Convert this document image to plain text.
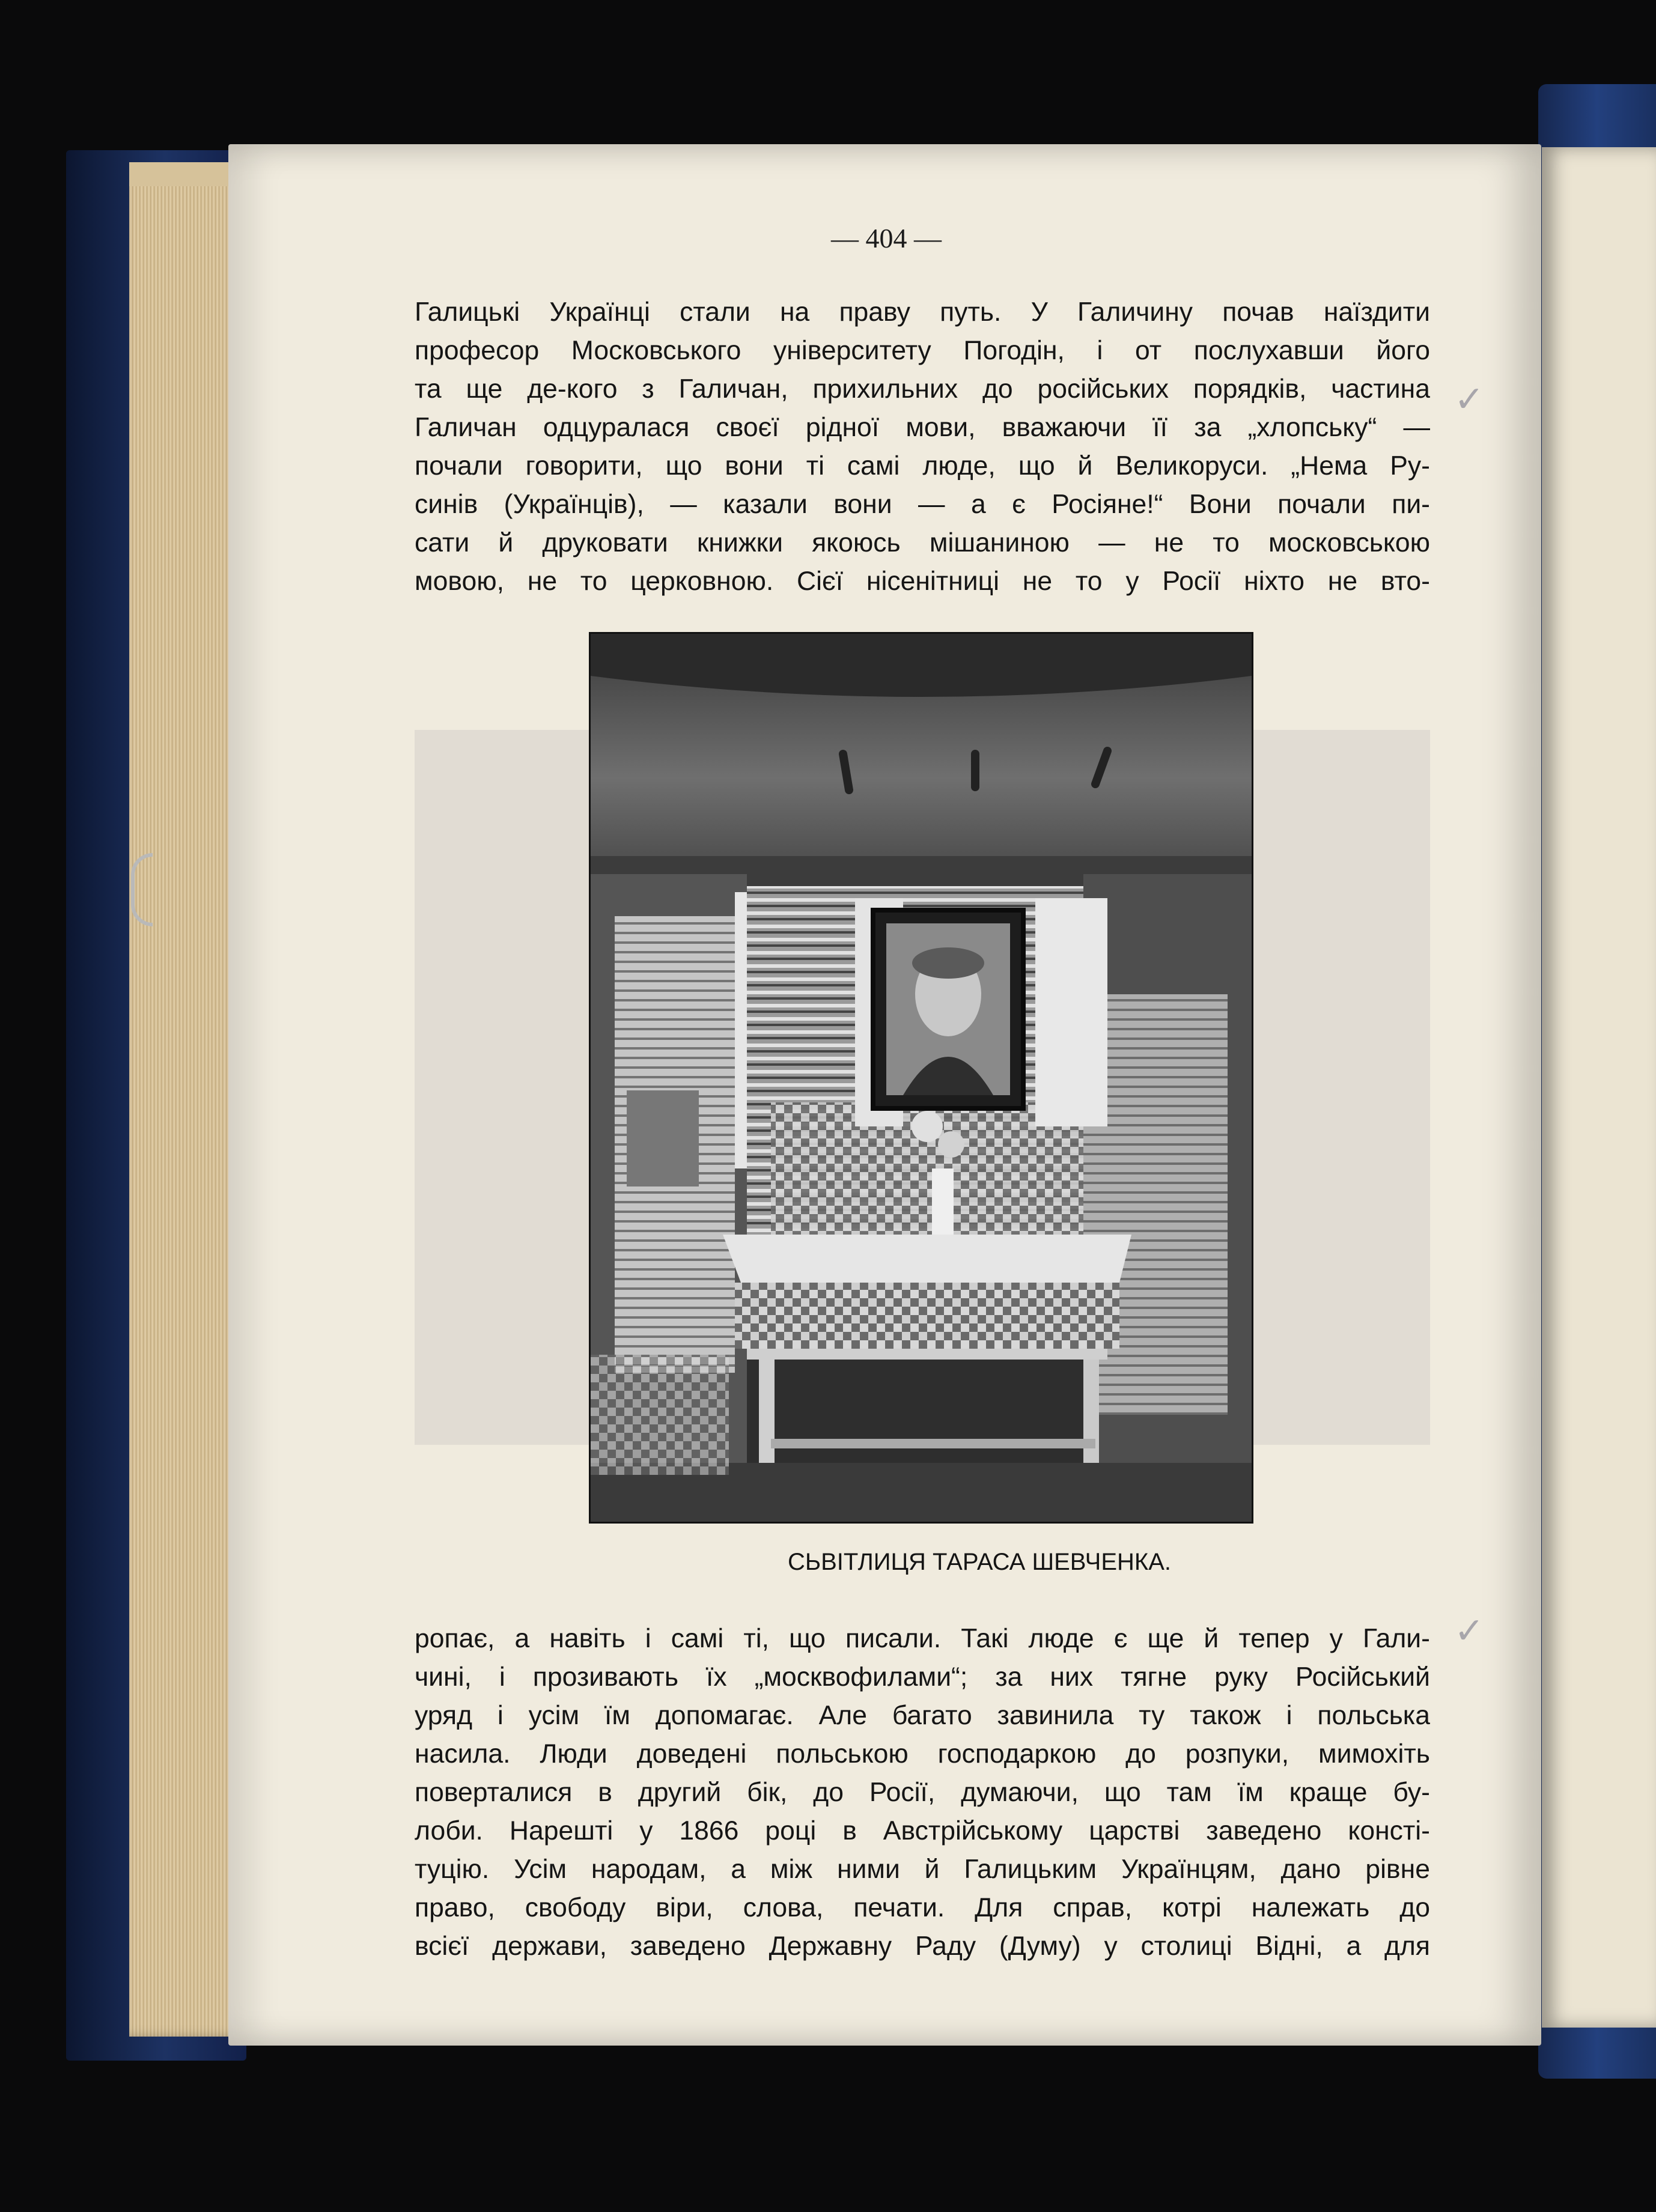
— 404 —
Галицькі Українці стали на праву путь. У Галичину почав наїздити
професор Московського університету Погодін, і от послухавши його
та ще де-кого з Галичан, прихильних до російських порядків, частина
Галичан одцуралася своєї рідної мови, вважаючи її за „хлопську“ —
почали говорити, що вони ті самі люде, що й Великоруси. „Нема Ру-
синів (Українців), — казали вони — а є Росіяне!“ Вони почали пи-
сати й друковати книжки якоюсь мішаниною — не то московською
мовою, не то церковною. Сієї нісенітниці не то у Росії ніхто не вто-
СЬВІТЛИЦЯ ТАРАСА ШЕВЧЕНКА.
ропає, а навіть і самі ті, що писали. Такі люде є ще й тепер у Гали-
чині, і прозивають їх „москвофилами“; за них тягне руку Російський
уряд і усім їм допомагає. Але багато завинила ту також і польська
насила. Люди доведені польською господаркою до розпуки, мимохіть
поверталися в другий бік, до Росії, думаючи, що там їм краще бу-
лоби. Нарешті у 1866 році в Австрійському царстві заведено консті-
туцію. Усім народам, а між ними й Галицьким Українцям, дано рівне
право, свободу віри, слова, печати. Для справ, котрі належать до
всієї держави, заведено Державну Раду (Думу) у столиці Відні, а для
✓
✓
